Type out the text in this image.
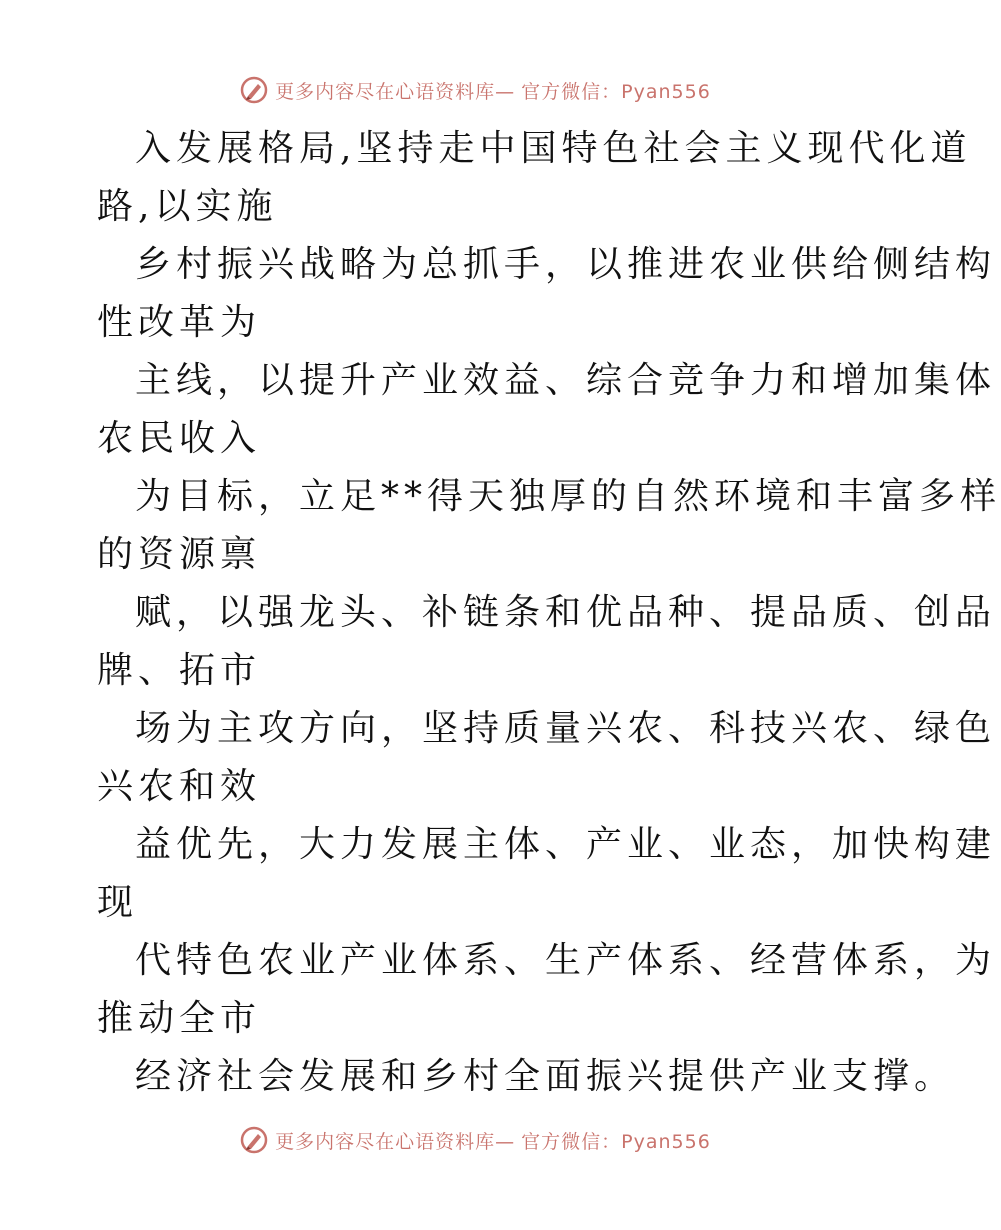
更多内容尽在心语资料库— 官方微信：Pyan556
入发展格局,坚持走中国特色社会主义现代化道
路,以实施
乡村振兴战略为总抓手，以推进农业供给侧结构
性改革为
主线，以提升产业效益、综合竞争力和增加集体
农民收入
为目标，立足**得天独厚的自然环境和丰富多样
的资源禀
赋，以强龙头、补链条和优品种、提品质、创品
牌、拓市
场为主攻方向，坚持质量兴农、科技兴农、绿色
兴农和效
益优先，大力发展主体、产业、业态，加快构建
现
代特色农业产业体系、生产体系、经营体系，为
推动全市
经济社会发展和乡村全面振兴提供产业支撑。
更多内容尽在心语资料库— 官方微信：Pyan556
